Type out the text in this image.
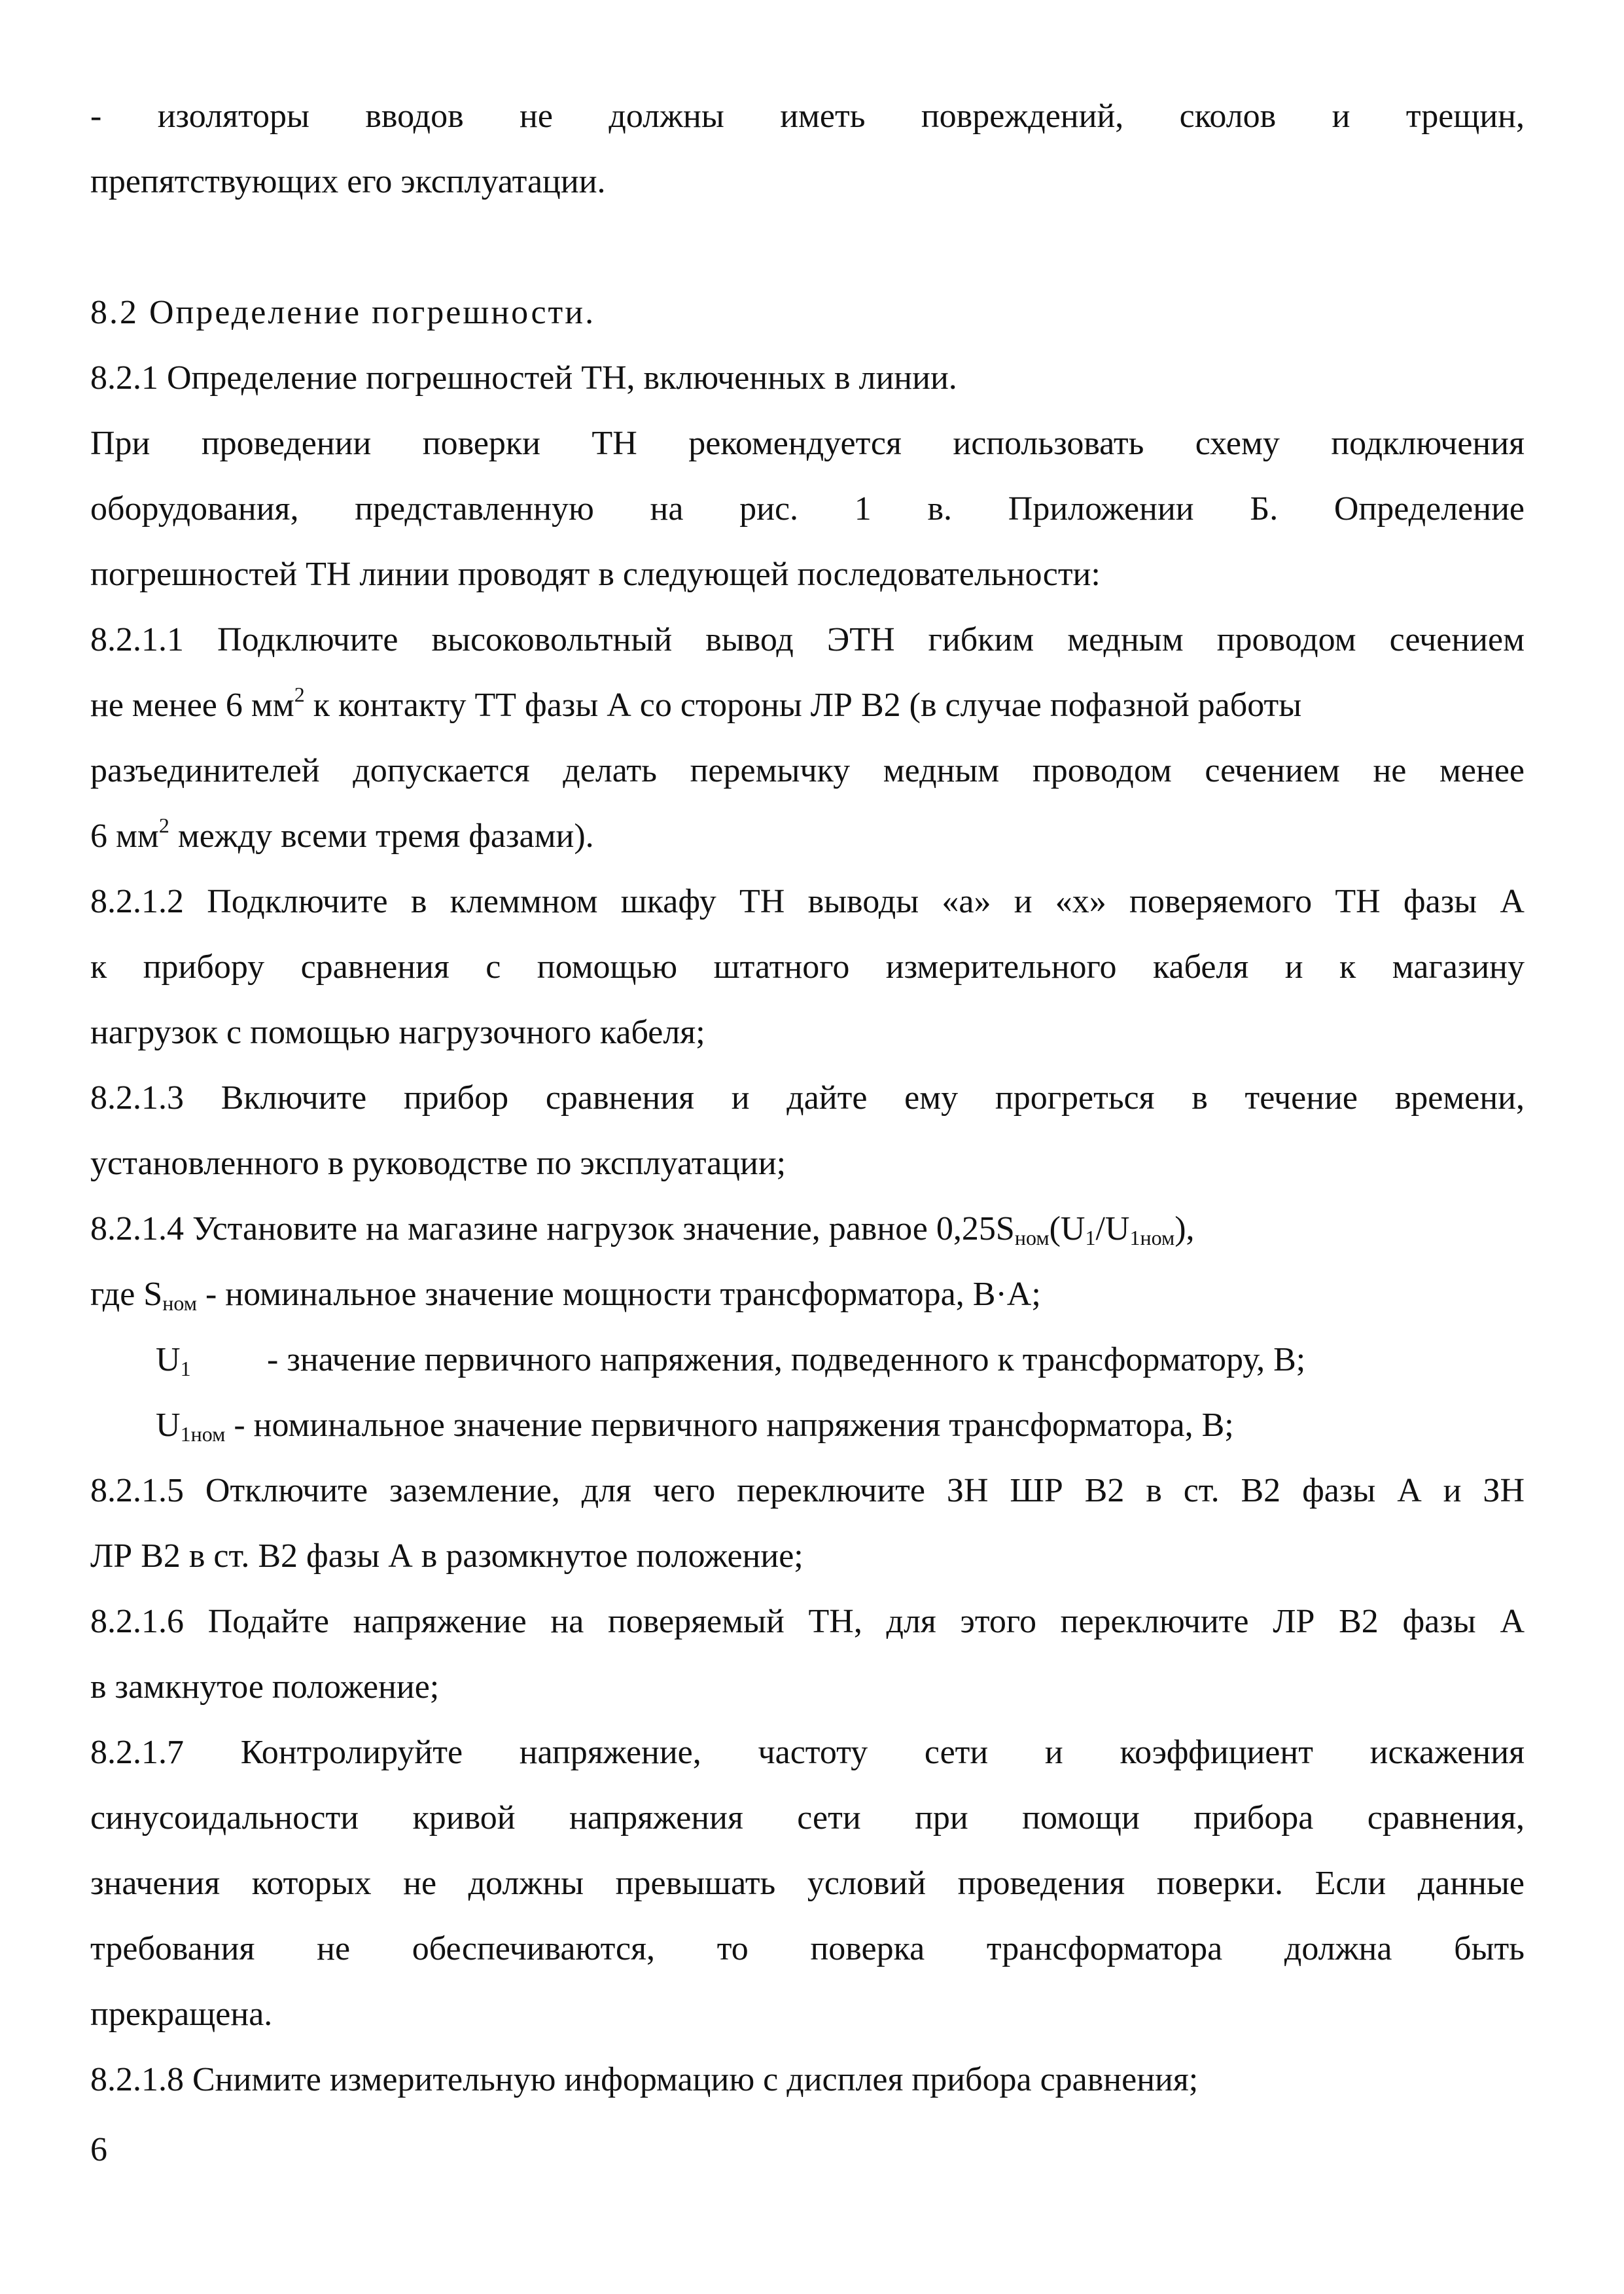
- изоляторы вводов не должны иметь повреждений, сколов и трещин,

препятствующих его эксплуатации.

8.2 Определение погрешности.

8.2.1 Определение погрешностей ТН, включенных в линии.

При проведении поверки ТН рекомендуется использовать схему подключения

оборудования, представленную на рис. 1 в. Приложении Б. Определение

погрешностей ТН линии проводят в следующей последовательности:

8.2.1.1 Подключите высоковольтный вывод ЭТН гибким медным проводом сечением

не менее 6 $мм^2$ к контакту ТТ фазы А со стороны ЛР В2 (в случае пофазной работы

разъединителей допускается делать перемычку медным проводом сечением не менее

6 $мм^2$ между всеми тремя фазами).

8.2.1.2 Подключите в клеммном шкафу ТН выводы «а» и «х» поверяемого ТН фазы А

к прибору сравнения с помощью штатного измерительного кабеля и к магазину

нагрузок с помощью нагрузочного кабеля;

8.2.1.3 Включите прибор сравнения и дайте ему прогреться в течение времени,

установленного в руководстве по эксплуатации;

8.2.1.4 Установите на магазине нагрузок значение, равное $0,25S_{ном}(U_1/U_{1ном})$,

где $S_{ном}$ - номинальное значение мощности трансформатора, В·А;

$U_1$ - значение первичного напряжения, подведенного к трансформатору, В;

$U_{1ном}$ - номинальное значение первичного напряжения трансформатора, В;

8.2.1.5 Отключите заземление, для чего переключите ЗН ШР В2 в ст. В2 фазы А и ЗН

ЛР В2 в ст. В2 фазы А в разомкнутое положение;

8.2.1.6 Подайте напряжение на поверяемый ТН, для этого переключите ЛР В2 фазы А

в замкнутое положение;

8.2.1.7 Контролируйте напряжение, частоту сети и коэффициент искажения

синусоидальности кривой напряжения сети при помощи прибора сравнения,

значения которых не должны превышать условий проведения поверки. Если данные

требования не обеспечиваются, то поверка трансформатора должна быть

прекращена.

8.2.1.8 Снимите измерительную информацию с дисплея прибора сравнения;

6
